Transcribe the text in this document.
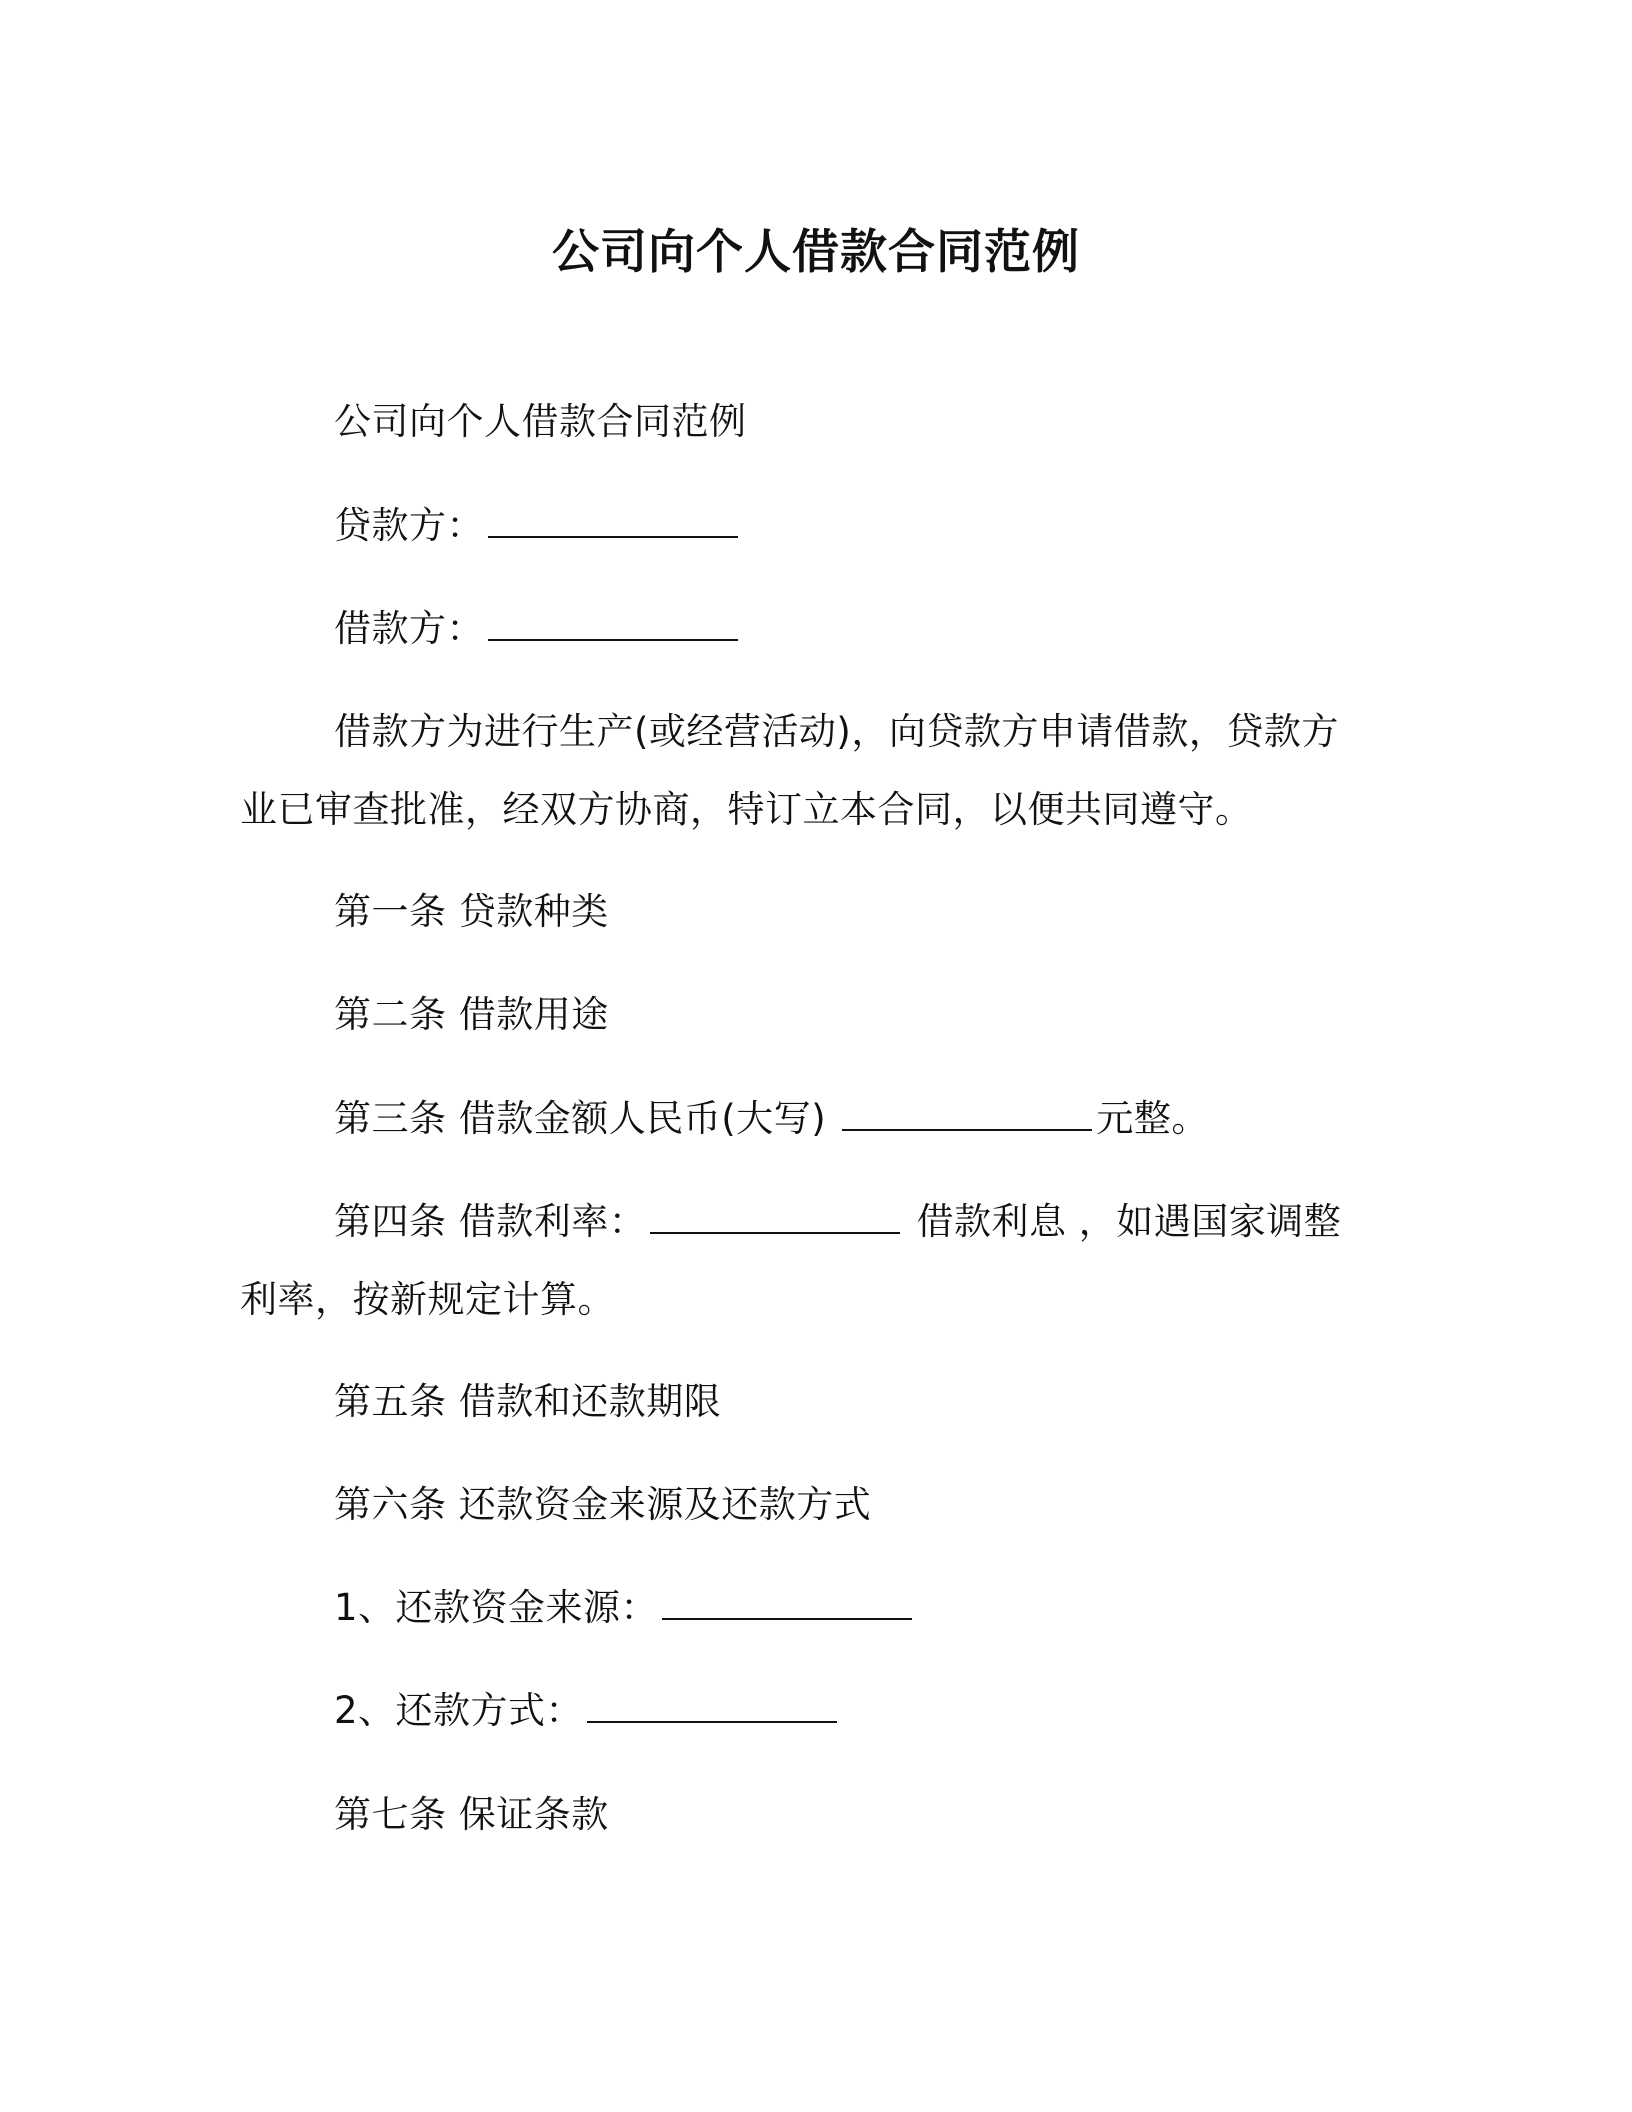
公司向个人借款合同范例
公司向个人借款合同范例
贷款方：
借款方：
借款方为进行生产(或经营活动)，向贷款方申请借款，贷款方业已审查批准，经双方协商，特订立本合同，以便共同遵守。
第一条 贷款种类
第二条 借款用途
第三条 借款金额人民币(大写)	元整。
第四条 借款利率：	借款利息 ，如遇国家调整利率，按新规定计算。
第五条 借款和还款期限
第六条 还款资金来源及还款方式
1、还款资金来源：
2、还款方式：
第七条 保证条款
